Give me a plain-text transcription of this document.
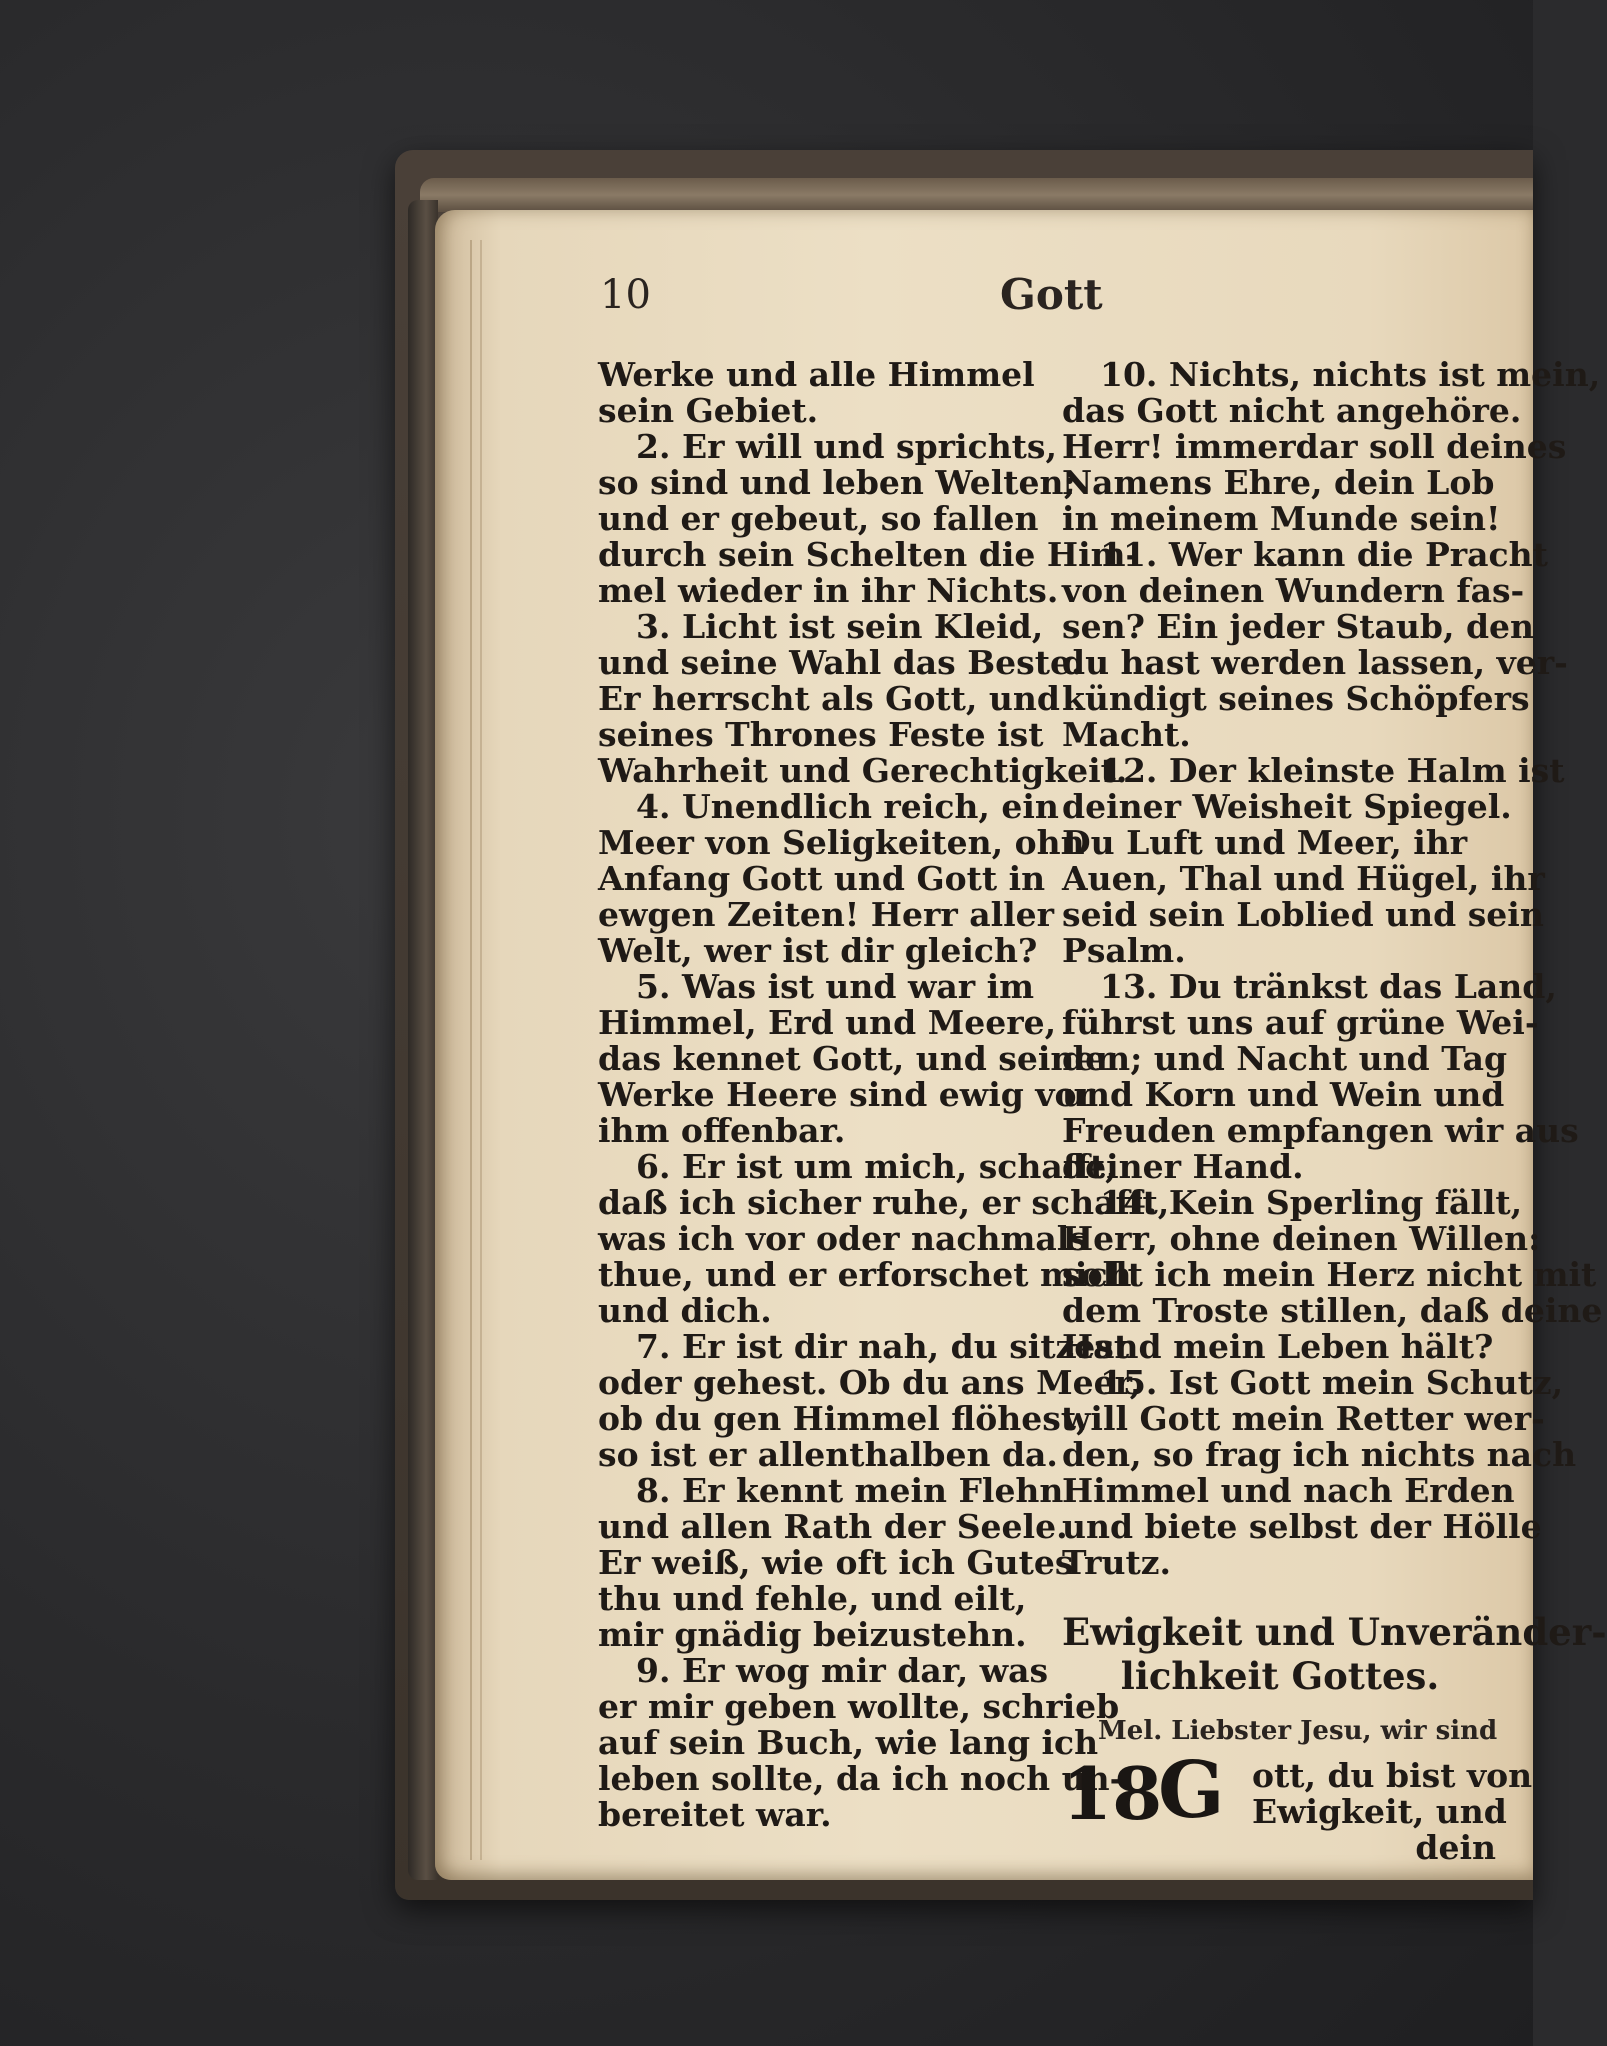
10	Gott
Werke und alle Himmel
sein Gebiet.
2. Er will und sprichts,
so sind und leben Welten;
und er gebeut, so fallen
durch sein Schelten die Him-
mel wieder in ihr Nichts.
3. Licht ist sein Kleid,
und seine Wahl das Beste.
Er herrscht als Gott, und
seines Thrones Feste ist
Wahrheit und Gerechtigkeit.
4. Unendlich reich, ein
Meer von Seligkeiten, ohn
Anfang Gott und Gott in
ewgen Zeiten! Herr aller
Welt, wer ist dir gleich?
5. Was ist und war im
Himmel, Erd und Meere,
das kennet Gott, und seiner
Werke Heere sind ewig vor
ihm offenbar.
6. Er ist um mich, schafft,
daß ich sicher ruhe, er schafft,
was ich vor oder nachmals
thue, und er erforschet mich
und dich.
7. Er ist dir nah, du sitzest
oder gehest. Ob du ans Meer,
ob du gen Himmel flöhest,
so ist er allenthalben da.
8. Er kennt mein Flehn
und allen Rath der Seele.
Er weiß, wie oft ich Gutes
thu und fehle, und eilt,
mir gnädig beizustehn.
9. Er wog mir dar, was
er mir geben wollte, schrieb
auf sein Buch, wie lang ich
leben sollte, da ich noch un-
bereitet war.
10. Nichts, nichts ist mein,
das Gott nicht angehöre.
Herr! immerdar soll deines
Namens Ehre, dein Lob
in meinem Munde sein!
11. Wer kann die Pracht
von deinen Wundern fas-
sen? Ein jeder Staub, den
du hast werden lassen, ver-
kündigt seines Schöpfers
Macht.
12. Der kleinste Halm ist
deiner Weisheit Spiegel.
Du Luft und Meer, ihr
Auen, Thal und Hügel, ihr
seid sein Loblied und sein
Psalm.
13. Du tränkst das Land,
führst uns auf grüne Wei-
den; und Nacht und Tag
und Korn und Wein und
Freuden empfangen wir aus
deiner Hand.
14. Kein Sperling fällt,
Herr, ohne deinen Willen:
sollt ich mein Herz nicht mit
dem Troste stillen, daß deine
Hand mein Leben hält?
15. Ist Gott mein Schutz,
will Gott mein Retter wer-
den, so frag ich nichts nach
Himmel und nach Erden
und biete selbst der Hölle
Trutz.
Ewigkeit und Unveränder-
lichkeit Gottes.
Mel. Liebster Jesu, wir sind
18
G ott, du bist von
Ewigkeit, und
dein
